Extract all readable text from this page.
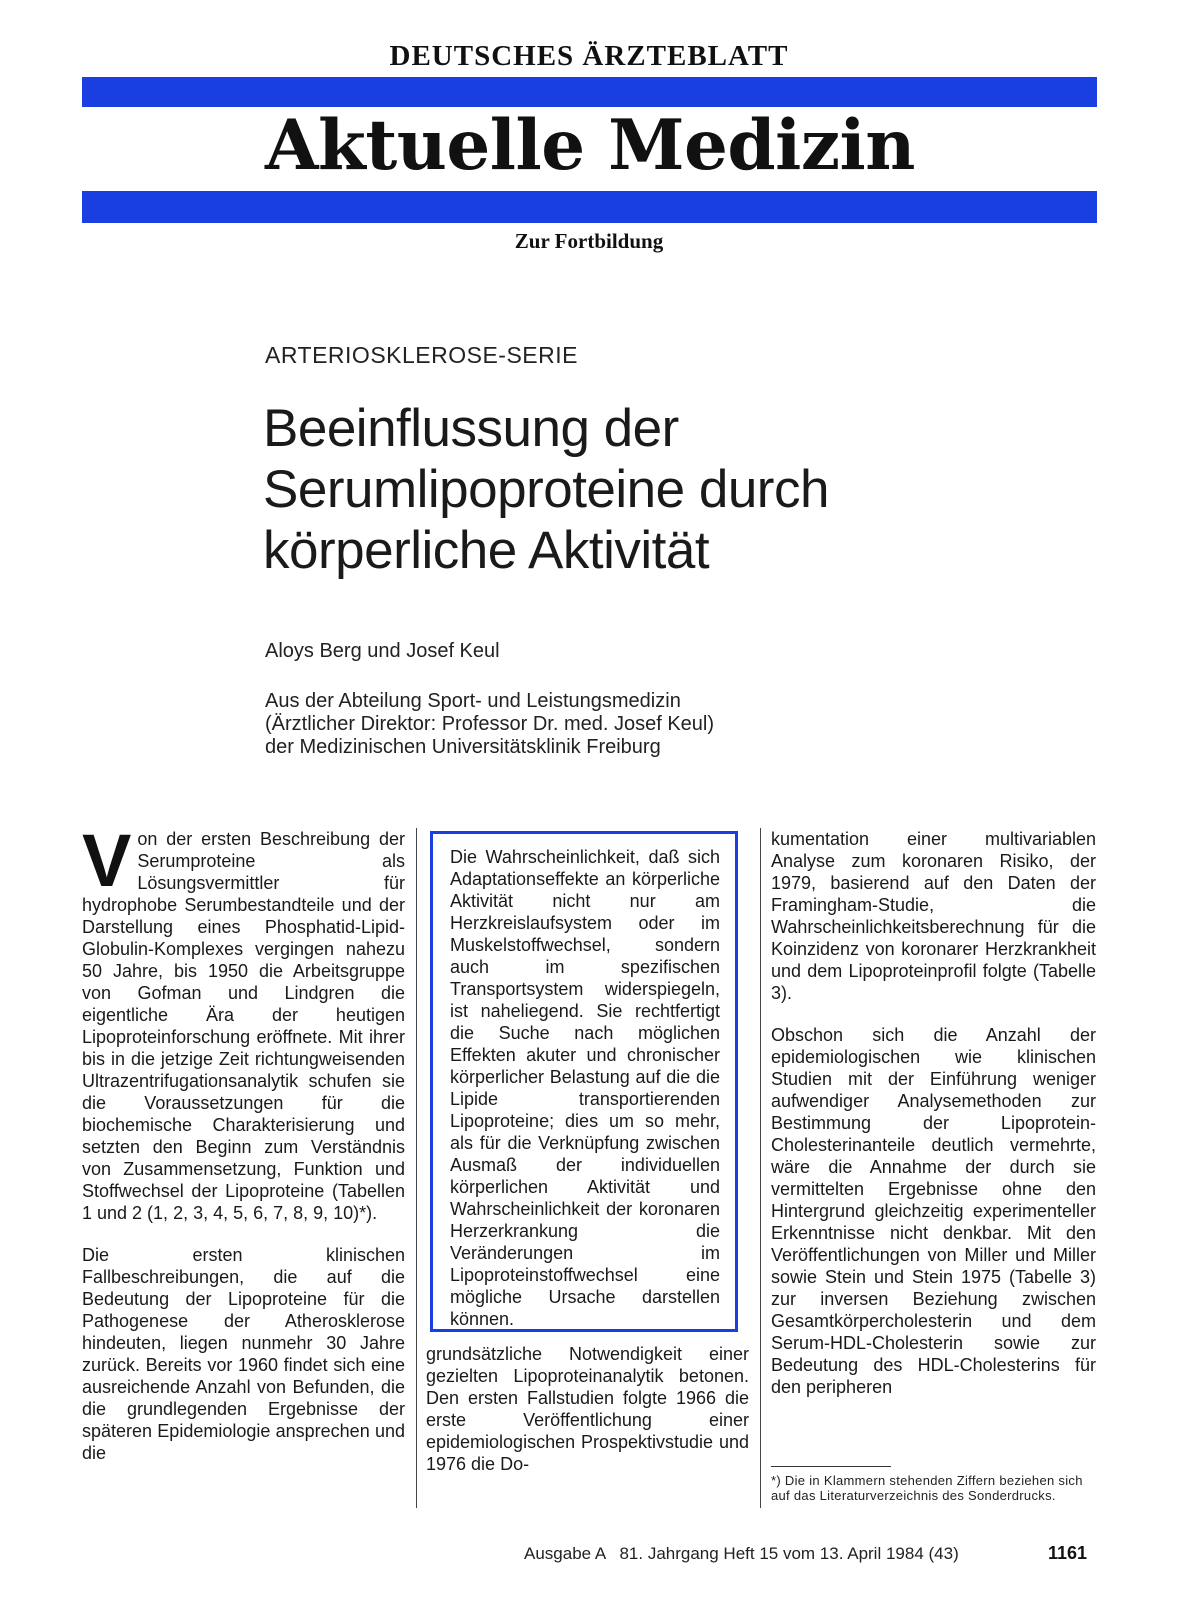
DEUTSCHES ÄRZTEBLATT
Aktuelle Medizin
Zur Fortbildung
ARTERIOSKLEROSE-SERIE
Beeinflussung der
Serumlipoproteine durch
körperliche Aktivität
Aloys Berg und Josef Keul
Aus der Abteilung Sport- und Leistungsmedizin
(Ärztlicher Direktor: Professor Dr. med. Josef Keul)
der Medizinischen Universitätsklinik Freiburg

Von der ersten Beschreibung der Serumproteine als Lösungsvermittler für hydrophobe Serumbestandteile und der Darstellung eines Phosphatid-Lipid-Globulin-Komplexes vergingen nahezu 50 Jahre, bis 1950 die Arbeitsgruppe von Gofman und Lindgren die eigentliche Ära der heutigen Lipoproteinforschung eröffnete. Mit ihrer bis in die jetzige Zeit richtungweisenden Ultrazentrifugationsanalytik schufen sie die Voraussetzungen für die biochemische Charakterisierung und setzten den Beginn zum Verständnis von Zusammensetzung, Funktion und Stoffwechsel der Lipoproteine (Tabellen 1 und 2 (1, 2, 3, 4, 5, 6, 7, 8, 9, 10)*).

Die ersten klinischen Fallbeschreibungen, die auf die Bedeutung der Lipoproteine für die Pathogenese der Atherosklerose hindeuten, liegen nunmehr 30 Jahre zurück. Bereits vor 1960 findet sich eine ausreichende Anzahl von Befunden, die die grundlegenden Ergebnisse der späteren Epidemiologie ansprechen und die

Die Wahrscheinlichkeit, daß sich Adaptationseffekte an körperliche Aktivität nicht nur am Herzkreislaufsystem oder im Muskelstoffwechsel, sondern auch im spezifischen Transportsystem widerspiegeln, ist naheliegend. Sie rechtfertigt die Suche nach möglichen Effekten akuter und chronischer körperlicher Belastung auf die die Lipide transportierenden Lipoproteine; dies um so mehr, als für die Verknüpfung zwischen Ausmaß der individuellen körperlichen Aktivität und Wahrscheinlichkeit der koronaren Herzerkrankung die Veränderungen im Lipoproteinstoffwechsel eine mögliche Ursache darstellen können.

grundsätzliche Notwendigkeit einer gezielten Lipoproteinanalytik betonen. Den ersten Fallstudien folgte 1966 die erste Veröffentlichung einer epidemiologischen Prospektivstudie und 1976 die Do-

kumentation einer multivariablen Analyse zum koronaren Risiko, der 1979, basierend auf den Daten der Framingham-Studie, die Wahrscheinlichkeitsberechnung für die Koinzidenz von koronarer Herzkrankheit und dem Lipoproteinprofil folgte (Tabelle 3).

Obschon sich die Anzahl der epidemiologischen wie klinischen Studien mit der Einführung weniger aufwendiger Analysemethoden zur Bestimmung der Lipoprotein-Cholesterinanteile deutlich vermehrte, wäre die Annahme der durch sie vermittelten Ergebnisse ohne den Hintergrund gleichzeitig experimenteller Erkenntnisse nicht denkbar. Mit den Veröffentlichungen von Miller und Miller sowie Stein und Stein 1975 (Tabelle 3) zur inversen Beziehung zwischen Gesamtkörpercholesterin und dem Serum-HDL-Cholesterin sowie zur Bedeutung des HDL-Cholesterins für den peripheren

*) Die in Klammern stehenden Ziffern beziehen sich auf das Literaturverzeichnis des Sonderdrucks.
Ausgabe A   81. Jahrgang Heft 15 vom 13. April 1984 (43)	1161
